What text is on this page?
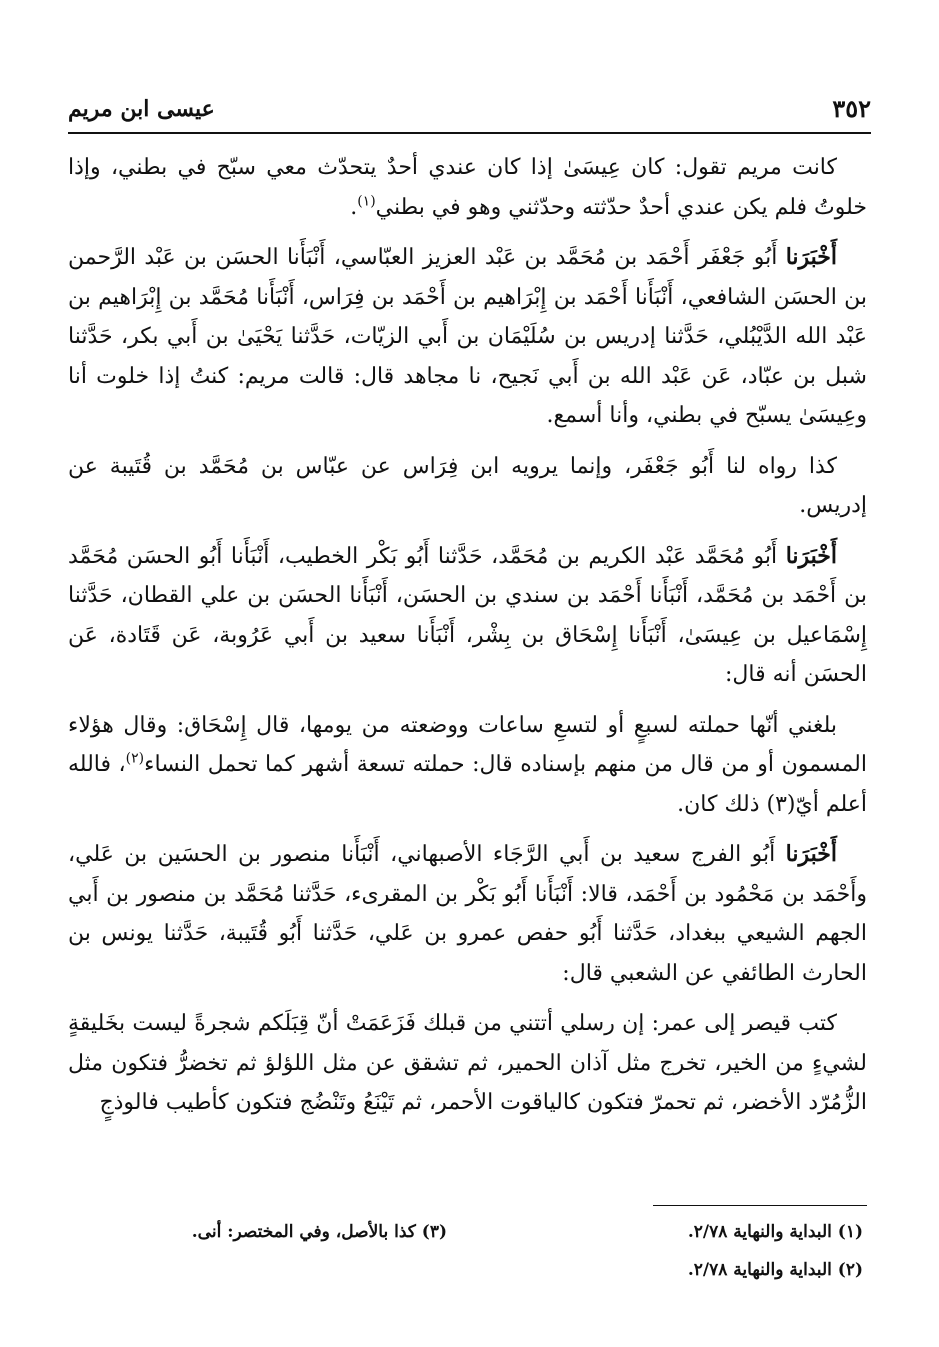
٣٥٢
عيسى ابن مريم

كانت مريم تقول: كان عِيسَىٰ إذا كان عندي أحدٌ يتحدّث معي سبّح في بطني، وإذا خلوتُ فلم يكن عندي أحدٌ حدّثته وحدّثني وهو في بطني$^{(١)}$.

أَخْبَرَنا أَبُو جَعْفَر أَحْمَد بن مُحَمَّد بن عَبْد العزيز العبّاسي، أَنْبَأَنا الحسَن بن عَبْد الرَّحمن بن الحسَن الشافعي، أَنْبَأَنا أَحْمَد بن إِبْرَاهيم بن أَحْمَد بن فِرَاس، أَنْبَأَنا مُحَمَّد بن إِبْرَاهيم بن عَبْد الله الدَّيْبُلي، حَدَّثنا إدريس بن سُلَيْمَان بن أَبي الزيّات، حَدَّثنا يَحْيَىٰ بن أَبي بكر، حَدَّثنا شبل بن عبّاد، عَن عَبْد الله بن أَبي نَجيح، نا مجاهد قال: قالت مريم: كنتُ إذا خلوت أنا وعِيسَىٰ يسبّح في بطني، وأنا أسمع.

كذا رواه لنا أَبُو جَعْفَر، وإنما يرويه ابن فِرَاس عن عبّاس بن مُحَمَّد بن قُتَيبة عن إدريس.

أَخْبَرَنا أَبُو مُحَمَّد عَبْد الكريم بن مُحَمَّد، حَدَّثنا أَبُو بَكْر الخطيب، أَنْبَأَنا أَبُو الحسَن مُحَمَّد بن أَحْمَد بن مُحَمَّد، أَنْبَأَنا أَحْمَد بن سندي بن الحسَن، أَنْبَأَنا الحسَن بن علي القطان، حَدَّثنا إِسْمَاعيل بن عِيسَىٰ، أَنْبَأَنا إِسْحَاق بن بِشْر، أَنْبَأَنا سعيد بن أَبي عَرُوبة، عَن قَتَادة، عَن الحسَن أنه قال:

بلغني أنّها حملته لسبعٍ أو لتسعِ ساعات ووضعته من يومها، قال إِسْحَاق: وقال هؤلاء المسمون أو من قال من منهم بإسناده قال: حملته تسعة أشهر كما تحمل النساء$^{(٢)}$، فالله أعلم أيّ(٣) ذلك كان.

أَخْبَرَنا أَبُو الفرج سعيد بن أَبي الرَّجَاء الأصبهاني، أَنْبَأَنا منصور بن الحسَين بن عَلي، وأَحْمَد بن مَحْمُود بن أَحْمَد، قالا: أَنْبَأَنا أَبُو بَكْر بن المقرىء، حَدَّثنا مُحَمَّد بن منصور بن أَبي الجهم الشيعي ببغداد، حَدَّثنا أَبُو حفص عمرو بن عَلي، حَدَّثنا أَبُو قُتَيبة، حَدَّثنا يونس بن الحارث الطائفي عن الشعبي قال:

كتب قيصر إلى عمر: إن رسلي أتتني من قبلك فَزَعَمَتْ أنّ قِبَلَكم شجرةً ليست بخَليقةٍ لشيءٍ من الخير، تخرج مثل آذان الحمير، ثم تشقق عن مثل اللؤلؤ ثم تخضرُّ فتكون مثل الزُّمُرّد الأخضر، ثم تحمرّ فتكون كالياقوت الأحمر، ثم تَيْنَعُ وتَنْضُج فتكون كأطيب فالوذجٍ

(١) البداية والنهاية ٢/٧٨.
(٢) البداية والنهاية ٢/٧٨.
(٣) كذا بالأصل، وفي المختصر: أنى.
